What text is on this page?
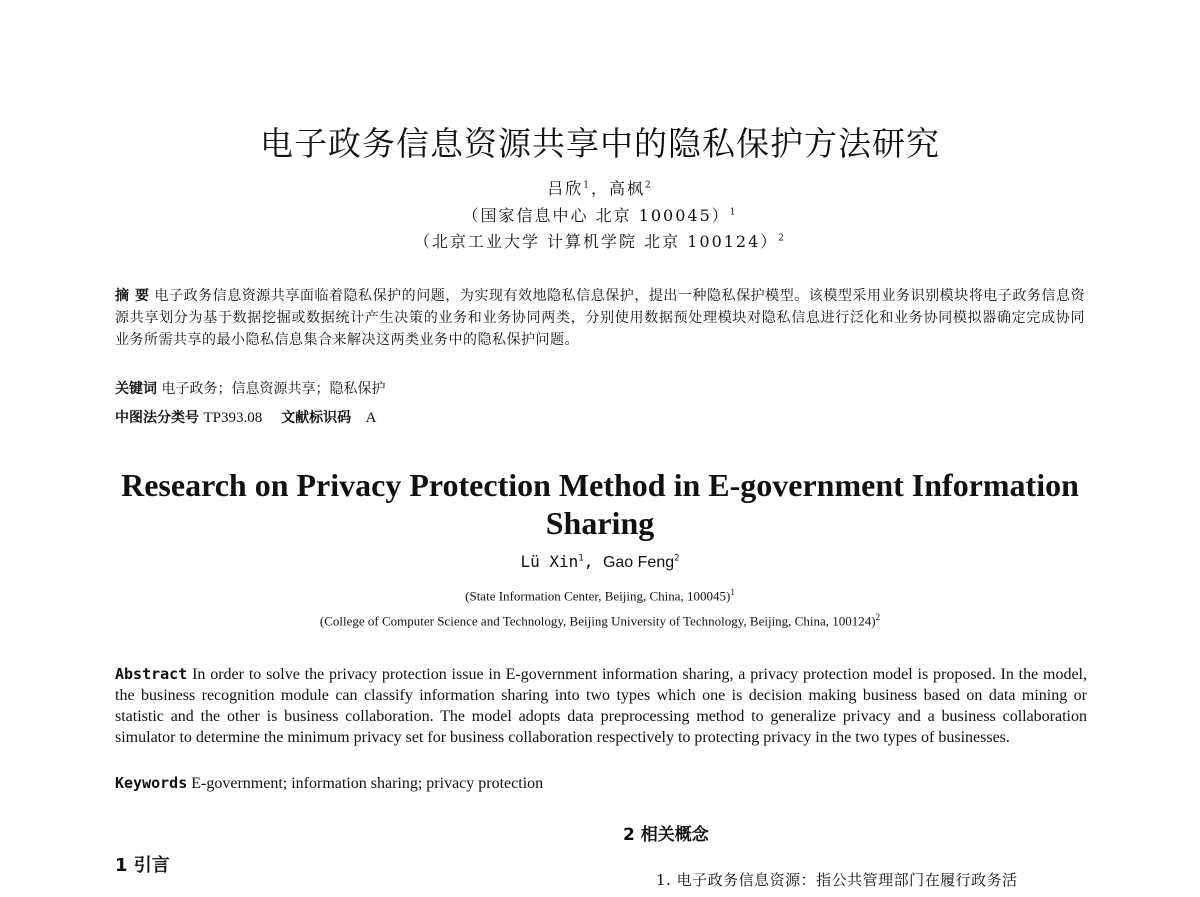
电子政务信息资源共享中的隐私保护方法研究
吕欣$^1$，高枫$^2$
（国家信息中心 北京 100045）$^1$
（北京工业大学 计算机学院 北京 100124）$^2$
摘 要 电子政务信息资源共享面临着隐私保护的问题，为实现有效地隐私信息保护，提出一种隐私保护模型。该模型采用业务识别模块将电子政务信息资源共享划分为基于数据挖掘或数据统计产生决策的业务和业务协同两类，分别使用数据预处理模块对隐私信息进行泛化和业务协同模拟器确定完成协同业务所需共享的最小隐私信息集合来解决这两类业务中的隐私保护问题。
关键词 电子政务；信息资源共享；隐私保护
中图法分类号 TP393.08 文献标识码 A
Research on Privacy Protection Method in E-government Information Sharing
Lü Xin$^1$, Gao Feng$^2$
(State Information Center, Beijing, China, 100045)$^1$
(College of Computer Science and Technology, Beijing University of Technology, Beijing, China, 100124)$^2$
Abstract In order to solve the privacy protection issue in E-government information sharing, a privacy protection model is proposed. In the model, the business recognition module can classify information sharing into two types which one is decision making business based on data mining or statistic and the other is business collaboration. The model adopts data preprocessing method to generalize privacy and a business collaboration simulator to determine the minimum privacy set for business collaboration respectively to protecting privacy in the two types of businesses.
Keywords E-government; information sharing; privacy protection
2 相关概念
1 引言
1. 电子政务信息资源：指公共管理部门在履行政务活
